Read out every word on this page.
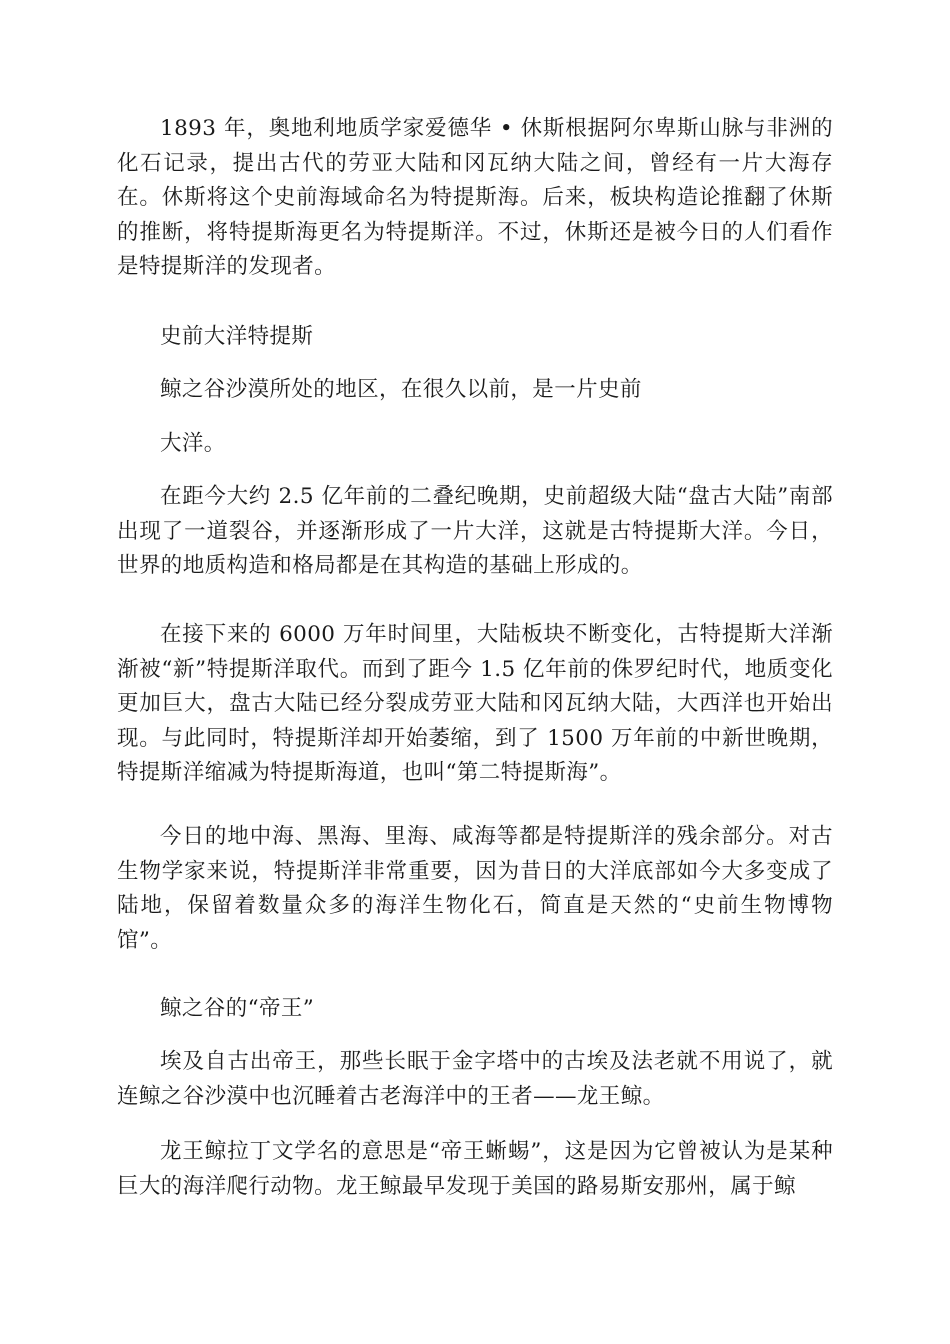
1893 年，奥地利地质学家爱德华 • 休斯根据阿尔卑斯山脉与非洲的化石记录，提出古代的劳亚大陆和冈瓦纳大陆之间，曾经有一片大海存在。休斯将这个史前海域命名为特提斯海。后来，板块构造论推翻了休斯的推断，将特提斯海更名为特提斯洋。不过，休斯还是被今日的人们看作是特提斯洋的发现者。

史前大洋特提斯

鲸之谷沙漠所处的地区，在很久以前，是一片史前

大洋。

在距今大约 2.5 亿年前的二叠纪晚期，史前超级大陆“盘古大陆”南部出现了一道裂谷，并逐渐形成了一片大洋，这就是古特提斯大洋。今日，世界的地质构造和格局都是在其构造的基础上形成的。

在接下来的 6000 万年时间里，大陆板块不断变化，古特提斯大洋渐渐被“新”特提斯洋取代。而到了距今 1.5 亿年前的侏罗纪时代，地质变化更加巨大，盘古大陆已经分裂成劳亚大陆和冈瓦纳大陆，大西洋也开始出现。与此同时，特提斯洋却开始萎缩，到了 1500 万年前的中新世晚期，特提斯洋缩减为特提斯海道，也叫“第二特提斯海”。

今日的地中海、黑海、里海、咸海等都是特提斯洋的残余部分。对古生物学家来说，特提斯洋非常重要，因为昔日的大洋底部如今大多变成了陆地，保留着数量众多的海洋生物化石，简直是天然的“史前生物博物馆”。

鲸之谷的“帝王”

埃及自古出帝王，那些长眠于金字塔中的古埃及法老就不用说了，就连鲸之谷沙漠中也沉睡着古老海洋中的王者——龙王鲸。

龙王鲸拉丁文学名的意思是“帝王蜥蜴”，这是因为它曾被认为是某种巨大的海洋爬行动物。龙王鲸最早发现于美国的路易斯安那州，属于鲸
